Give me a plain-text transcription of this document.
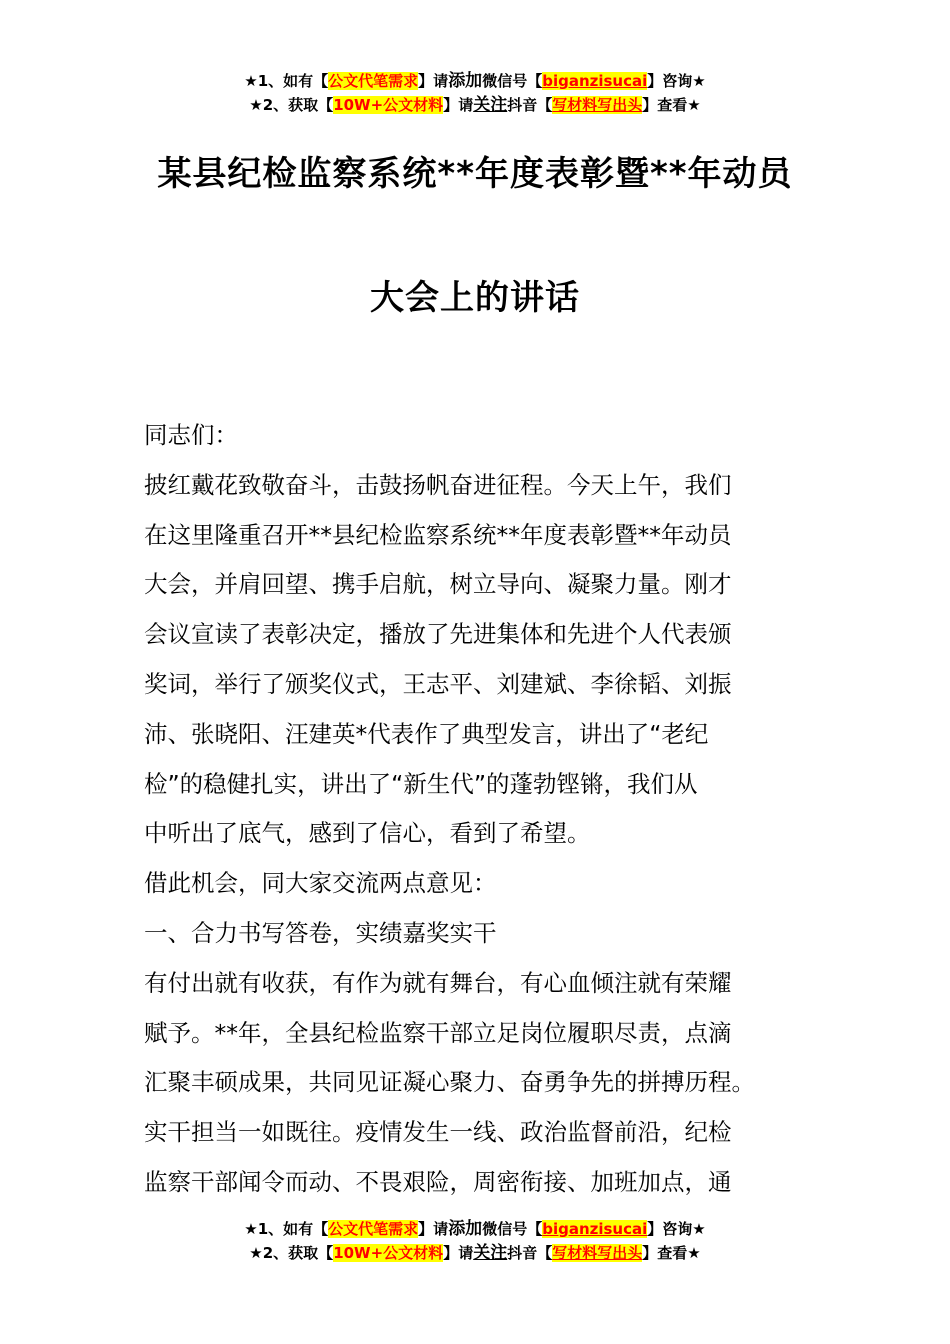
★1、如有【公文代笔需求】请添加微信号【biganzisucai】咨询★
★2、获取【10W+公文材料】请关注抖音【写材料写出头】查看★
某县纪检监察系统**年度表彰暨**年动员
大会上的讲话

同志们：

披红戴花致敬奋斗，击鼓扬帆奋进征程。今天上午，我们

在这里隆重召开**县纪检监察系统**年度表彰暨**年动员

大会，并肩回望、携手启航，树立导向、凝聚力量。刚才

会议宣读了表彰决定，播放了先进集体和先进个人代表颁

奖词，举行了颁奖仪式，王志平、刘建斌、李徐韬、刘振

沛、张晓阳、汪建英*代表作了典型发言，讲出了“老纪

检”的稳健扎实，讲出了“新生代”的蓬勃铿锵，我们从

中听出了底气，感到了信心，看到了希望。

借此机会，同大家交流两点意见：

一、合力书写答卷，实绩嘉奖实干

有付出就有收获，有作为就有舞台，有心血倾注就有荣耀

赋予。**年，全县纪检监察干部立足岗位履职尽责，点滴

汇聚丰硕成果，共同见证凝心聚力、奋勇争先的拼搏历程。

实干担当一如既往。疫情发生一线、政治监督前沿，纪检

监察干部闻令而动、不畏艰险，周密衔接、加班加点，通

★1、如有【公文代笔需求】请添加微信号【biganzisucai】咨询★
★2、获取【10W+公文材料】请关注抖音【写材料写出头】查看★
